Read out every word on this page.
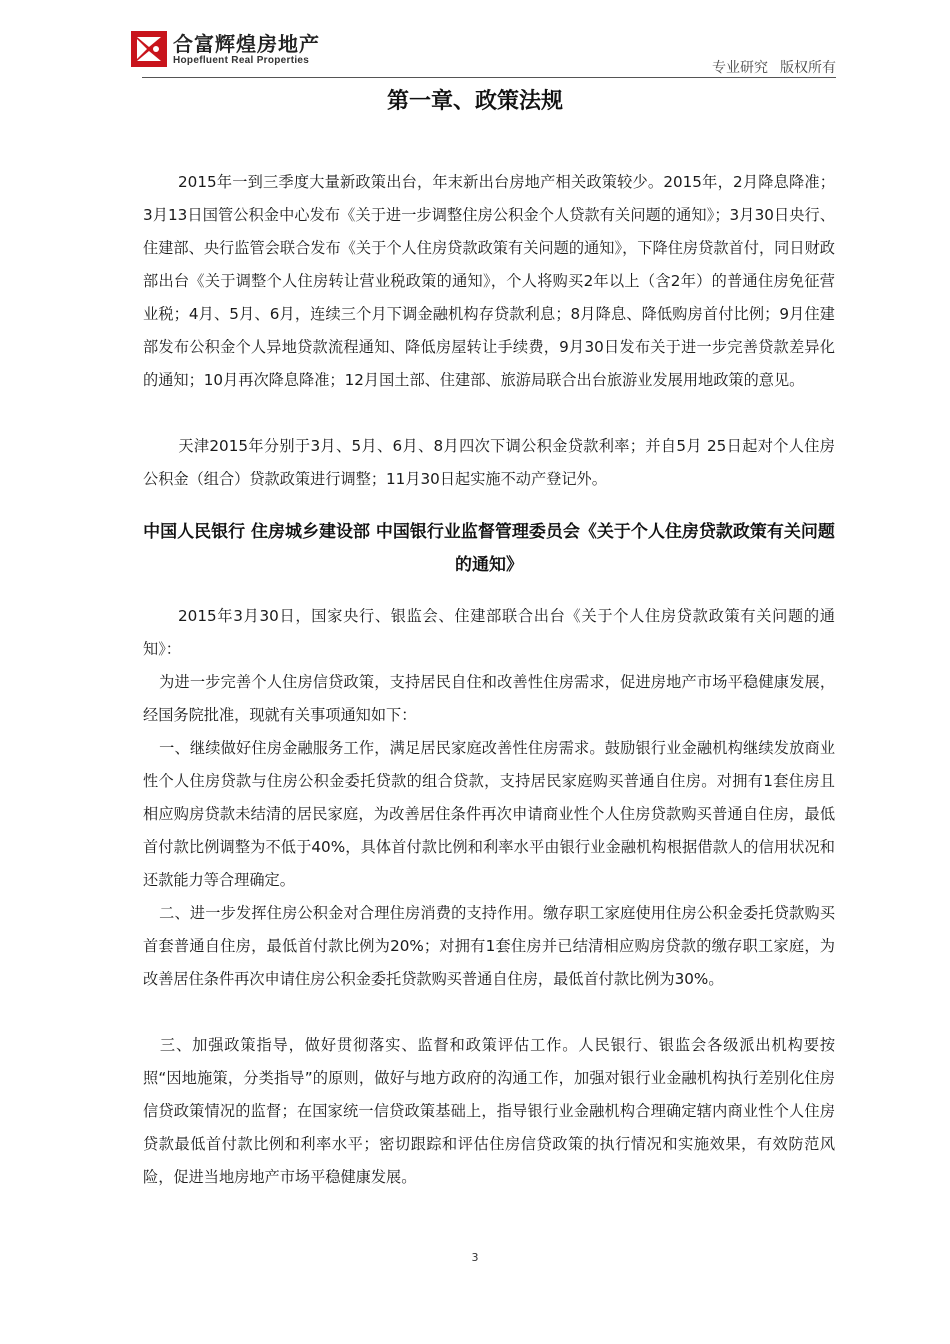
合富辉煌房地产
Hopefluent Real Properties	专业研究 版权所有
第一章、政策法规
2015年一到三季度大量新政策出台，年末新出台房地产相关政策较少。2015年，2月降息降准；3月13日国管公积金中心发布《关于进一步调整住房公积金个人贷款有关问题的通知》；3月30日央行、住建部、央行监管会联合发布《关于个人住房贷款政策有关问题的通知》，下降住房贷款首付，同日财政部出台《关于调整个人住房转让营业税政策的通知》，个人将购买2年以上（含2年）的普通住房免征营业税；4月、5月、6月，连续三个月下调金融机构存贷款利息；8月降息、降低购房首付比例；9月住建部发布公积金个人异地贷款流程通知、降低房屋转让手续费，9月30日发布关于进一步完善贷款差异化的通知；10月再次降息降准；12月国土部、住建部、旅游局联合出台旅游业发展用地政策的意见。
天津2015年分别于3月、5月、6月、8月四次下调公积金贷款利率；并自5月 25日起对个人住房公积金（组合）贷款政策进行调整；11月30日起实施不动产登记外。
中国人民银行 住房城乡建设部 中国银行业监督管理委员会《关于个人住房贷款政策有关问题的通知》
2015年3月30日，国家央行、银监会、住建部联合出台《关于个人住房贷款政策有关问题的通知》：
为进一步完善个人住房信贷政策，支持居民自住和改善性住房需求，促进房地产市场平稳健康发展，经国务院批准，现就有关事项通知如下：
一、继续做好住房金融服务工作，满足居民家庭改善性住房需求。鼓励银行业金融机构继续发放商业性个人住房贷款与住房公积金委托贷款的组合贷款，支持居民家庭购买普通自住房。对拥有1套住房且相应购房贷款未结清的居民家庭，为改善居住条件再次申请商业性个人住房贷款购买普通自住房，最低首付款比例调整为不低于40%，具体首付款比例和利率水平由银行业金融机构根据借款人的信用状况和还款能力等合理确定。
二、进一步发挥住房公积金对合理住房消费的支持作用。缴存职工家庭使用住房公积金委托贷款购买首套普通自住房，最低首付款比例为20%；对拥有1套住房并已结清相应购房贷款的缴存职工家庭，为改善居住条件再次申请住房公积金委托贷款购买普通自住房，最低首付款比例为30%。
三、加强政策指导，做好贯彻落实、监督和政策评估工作。人民银行、银监会各级派出机构要按照“因地施策，分类指导”的原则，做好与地方政府的沟通工作，加强对银行业金融机构执行差别化住房信贷政策情况的监督；在国家统一信贷政策基础上，指导银行业金融机构合理确定辖内商业性个人住房贷款最低首付款比例和利率水平；密切跟踪和评估住房信贷政策的执行情况和实施效果，有效防范风险，促进当地房地产市场平稳健康发展。
3
